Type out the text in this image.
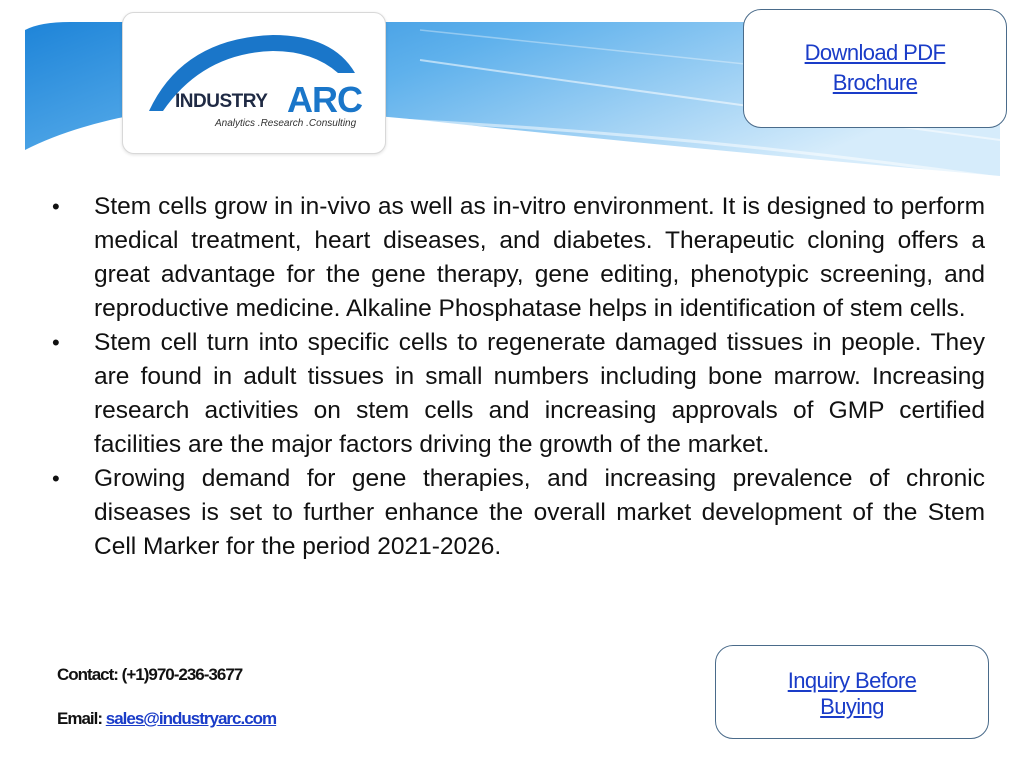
INDUSTRY ARC
Analytics .Research .Consulting
Download PDF
Brochure
• Stem cells grow in in-vivo as well as in-vitro environment. It is designed to perform medical treatment, heart diseases, and diabetes. Therapeutic cloning offers a great advantage for the gene therapy, gene editing, phenotypic screening, and reproductive medicine. Alkaline Phosphatase helps in identification of stem cells.
• Stem cell turn into specific cells to regenerate damaged tissues in people. They are found in adult tissues in small numbers including bone marrow. Increasing research activities on stem cells and increasing approvals of GMP certified facilities are the major factors driving the growth of the market.
• Growing demand for gene therapies, and increasing prevalence of chronic diseases is set to further enhance the overall market development of the Stem Cell Marker for the period 2021-2026.
Contact: (+1)970-236-3677
Email: sales@industryarc.com
Inquiry Before
Buying
